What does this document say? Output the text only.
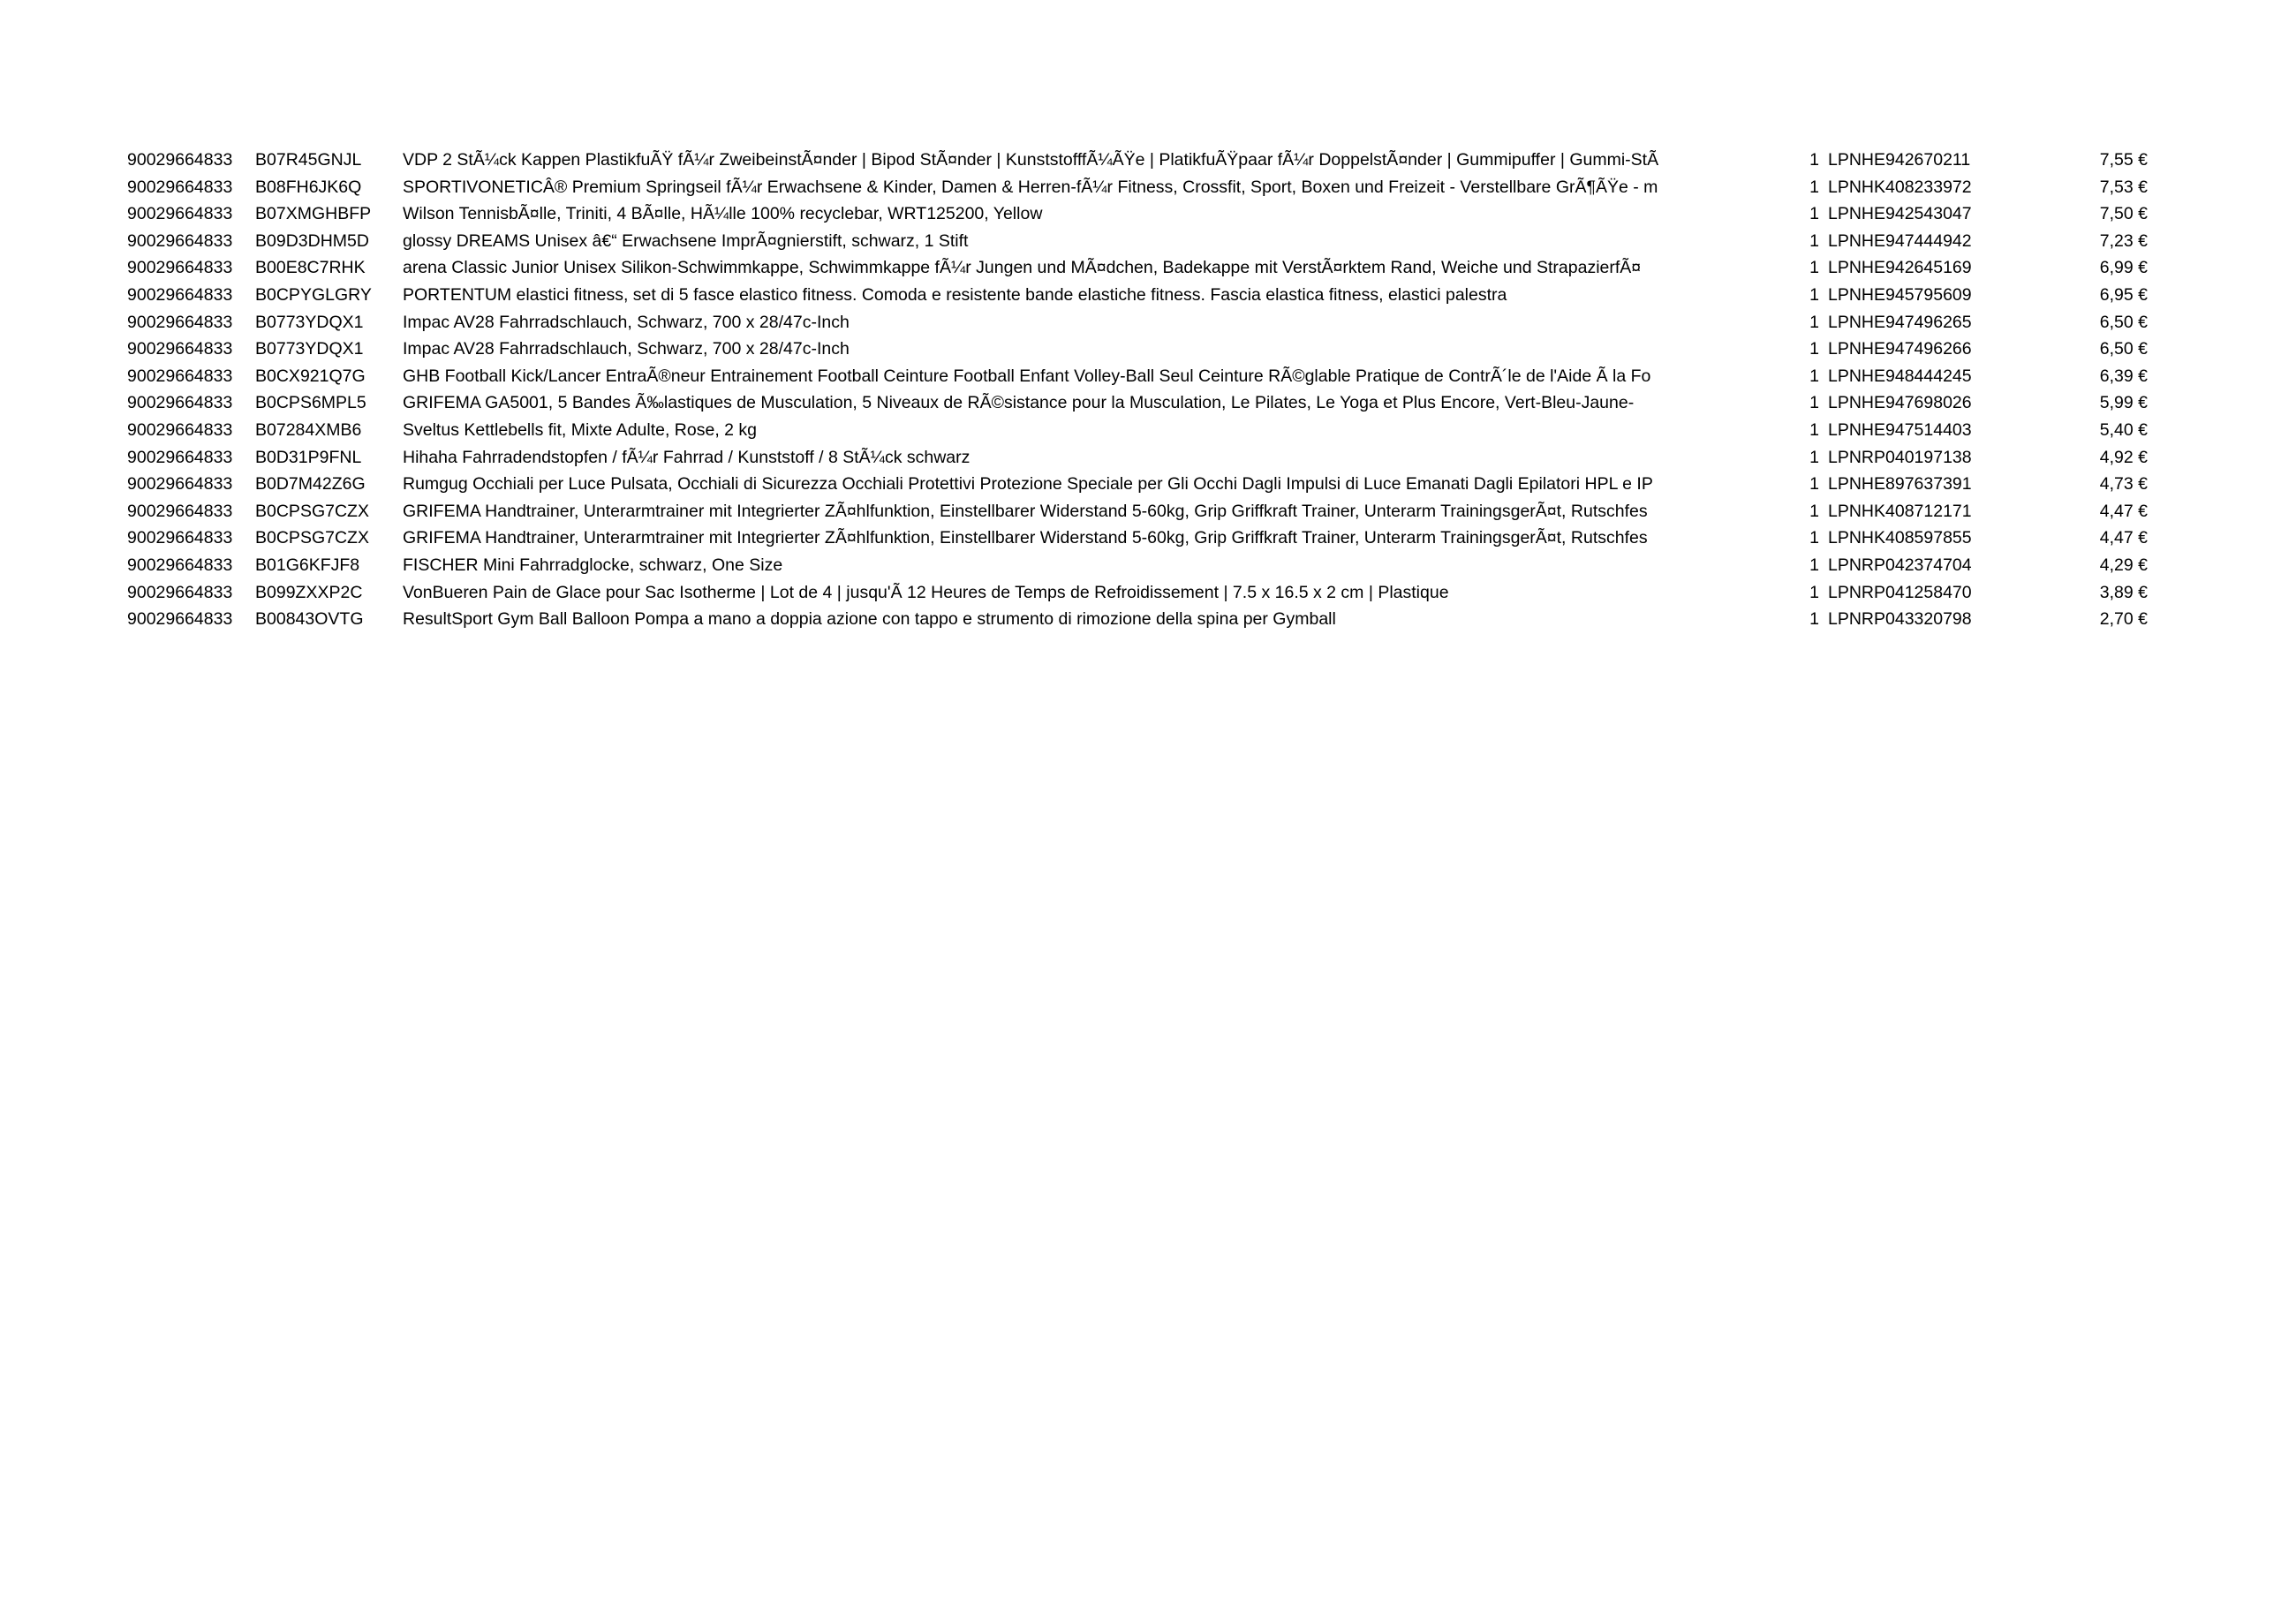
90029664833 B07R45GNJL VDP 2 StÃ¼ck Kappen PlastikfuÃŸ fÃ¼r ZweibeinstÃ¤nder | Bipod StÃ¤nder | KunststofffÃ¼ÃŸe | PlatikfuÃŸpaar fÃ¼r DoppelstÃ¤nder | Gummipuffer | Gummi-StÃ	1 LPNHE942670211	7,55 €
90029664833 B08FH6JK6Q SPORTIVONETICÂ® Premium Springseil fÃ¼r Erwachsene & Kinder, Damen & Herren-fÃ¼r Fitness, Crossfit, Sport, Boxen und Freizeit - Verstellbare GrÃ¶ÃŸe - m	1 LPNHK408233972	7,53 €
90029664833 B07XMGHBFP Wilson TennisbÃ¤lle, Triniti, 4 BÃ¤lle, HÃ¼lle 100% recyclebar, WRT125200, Yellow	1 LPNHE942543047	7,50 €
90029664833 B09D3DHM5D glossy DREAMS Unisex â€“ Erwachsene ImprÃ¤gnierstift, schwarz, 1 Stift	1 LPNHE947444942	7,23 €
90029664833 B00E8C7RHK arena Classic Junior Unisex Silikon-Schwimmkappe, Schwimmkappe fÃ¼r Jungen und MÃ¤dchen, Badekappe mit VerstÃ¤rktem Rand, Weiche und StrapazierfÃ¤	1 LPNHE942645169	6,99 €
90029664833 B0CPYGLGRY PORTENTUM elastici fitness, set di 5 fasce elastico fitness. Comoda e resistente bande elastiche fitness. Fascia elastica fitness, elastici palestra	1 LPNHE945795609	6,95 €
90029664833 B0773YDQX1 Impac AV28 Fahrradschlauch, Schwarz, 700 x 28/47c-Inch	1 LPNHE947496265	6,50 €
90029664833 B0773YDQX1 Impac AV28 Fahrradschlauch, Schwarz, 700 x 28/47c-Inch	1 LPNHE947496266	6,50 €
90029664833 B0CX921Q7G GHB Football Kick/Lancer EntraÃ®neur Entrainement Football Ceinture Football Enfant Volley-Ball Seul Ceinture RÃ©glable Pratique de ContrÃ´le de l'Aide Ã la Fo	1 LPNHE948444245	6,39 €
90029664833 B0CPS6MPL5 GRIFEMA GA5001, 5 Bandes Ã‰lastiques de Musculation, 5 Niveaux de RÃ©sistance pour la Musculation, Le Pilates, Le Yoga et Plus Encore, Vert-Bleu-Jaune-	1 LPNHE947698026	5,99 €
90029664833 B07284XMB6 Sveltus Kettlebells fit, Mixte Adulte, Rose, 2 kg	1 LPNHE947514403	5,40 €
90029664833 B0D31P9FNL Hihaha Fahrradendstopfen / fÃ¼r Fahrrad / Kunststoff / 8 StÃ¼ck schwarz	1 LPNRP040197138	4,92 €
90029664833 B0D7M42Z6G Rumgug Occhiali per Luce Pulsata, Occhiali di Sicurezza Occhiali Protettivi Protezione Speciale per Gli Occhi Dagli Impulsi di Luce Emanati Dagli Epilatori HPL e IP	1 LPNHE897637391	4,73 €
90029664833 B0CPSG7CZX GRIFEMA Handtrainer, Unterarmtrainer mit Integrierter ZÃ¤hlfunktion, Einstellbarer Widerstand 5-60kg, Grip Griffkraft Trainer, Unterarm TrainingsgerÃ¤t, Rutschfes	1 LPNHK408712171	4,47 €
90029664833 B0CPSG7CZX GRIFEMA Handtrainer, Unterarmtrainer mit Integrierter ZÃ¤hlfunktion, Einstellbarer Widerstand 5-60kg, Grip Griffkraft Trainer, Unterarm TrainingsgerÃ¤t, Rutschfes	1 LPNHK408597855	4,47 €
90029664833 B01G6KFJF8	FISCHER Mini Fahrradglocke, schwarz, One Size	1 LPNRP042374704	4,29 €
90029664833 B099ZXXP2C VonBueren Pain de Glace pour Sac Isotherme | Lot de 4 | jusqu'Ã 12 Heures de Temps de Refroidissement | 7.5 x 16.5 x 2 cm | Plastique	1 LPNRP041258470	3,89 €
90029664833 B00843OVTG ResultSport Gym Ball Balloon Pompa a mano a doppia azione con tappo e strumento di rimozione della spina per Gymball	1 LPNRP043320798	2,70 €
